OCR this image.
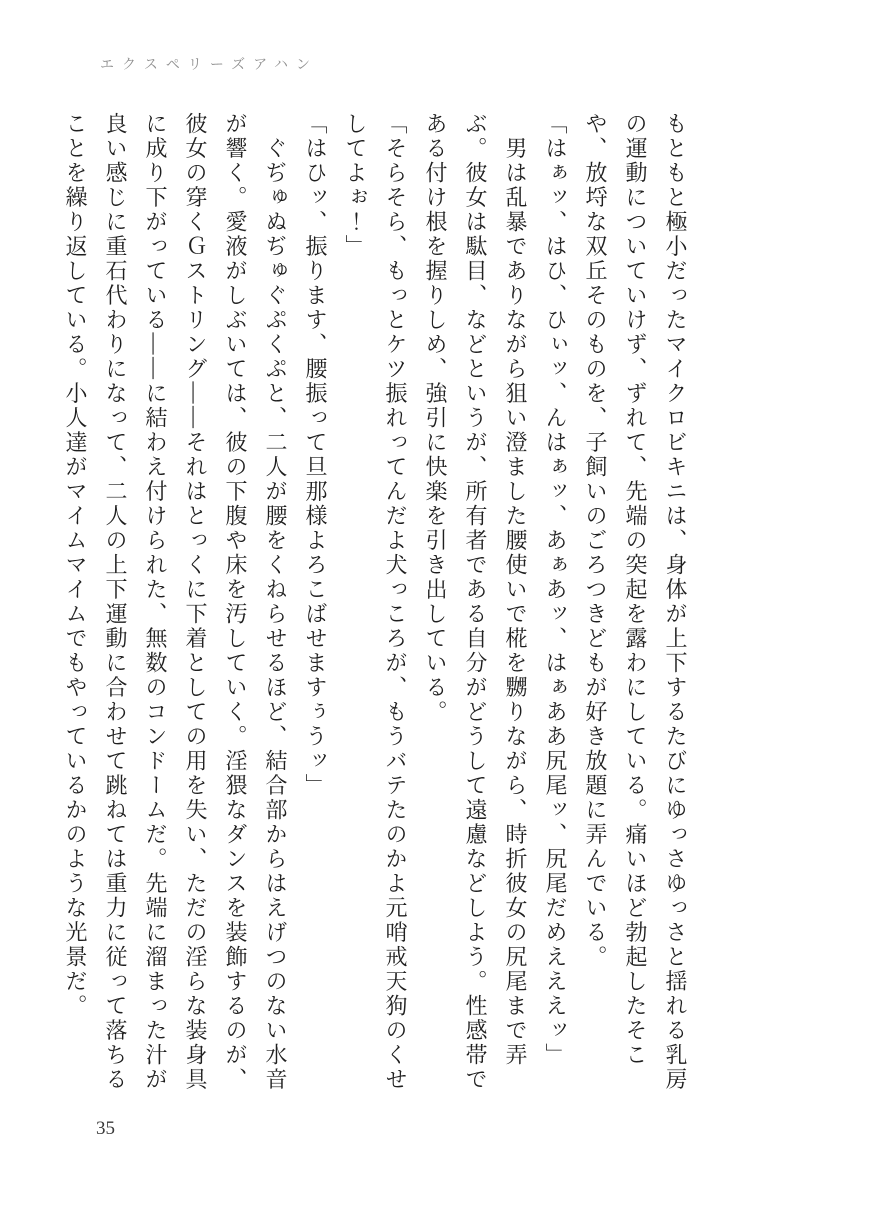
エクスペリーズアハン

もともと極小だったマイクロビキニは、身体が上下するたびにゆっさゆっさと揺れる乳房の運動についていけず、ずれて、先端の突起を露わにしている。痛いほど勃起したそこや、放埒な双丘そのものを、子飼いのごろつきどもが好き放題に弄んでいる。

「はぁッ、はひ、ひぃッ、んはぁッ、あぁあッ、はぁああ尻尾ッ、尻尾だめえええッ」

　男は乱暴でありながら狙い澄ました腰使いで椛を嬲りながら、時折彼女の尻尾まで弄ぶ。彼女は駄目、などというが、所有者である自分がどうして遠慮などしよう。性感帯である付け根を握りしめ、強引に快楽を引き出している。

「そらそら、もっとケツ振れってんだよ犬っころが、もうバテたのかよ元哨戒天狗のくせしてよぉ！」

「はひッ、振ります、腰振って旦那様よろこばせますぅうッ」

　ぐぢゅぬぢゅぐぷくぷと、二人が腰をくねらせるほど、結合部からはえげつのない水音が響く。愛液がしぶいては、彼の下腹や床を汚していく。淫猥なダンスを装飾するのが、彼女の穿くＧストリング――それはとっくに下着としての用を失い、ただの淫らな装身具に成り下がっている――に結わえ付けられた、無数のコンドームだ。先端に溜まった汁が良い感じに重石代わりになって、二人の上下運動に合わせて跳ねては重力に従って落ちることを繰り返している。小人達がマイムマイムでもやっているかのような光景だ。

35
